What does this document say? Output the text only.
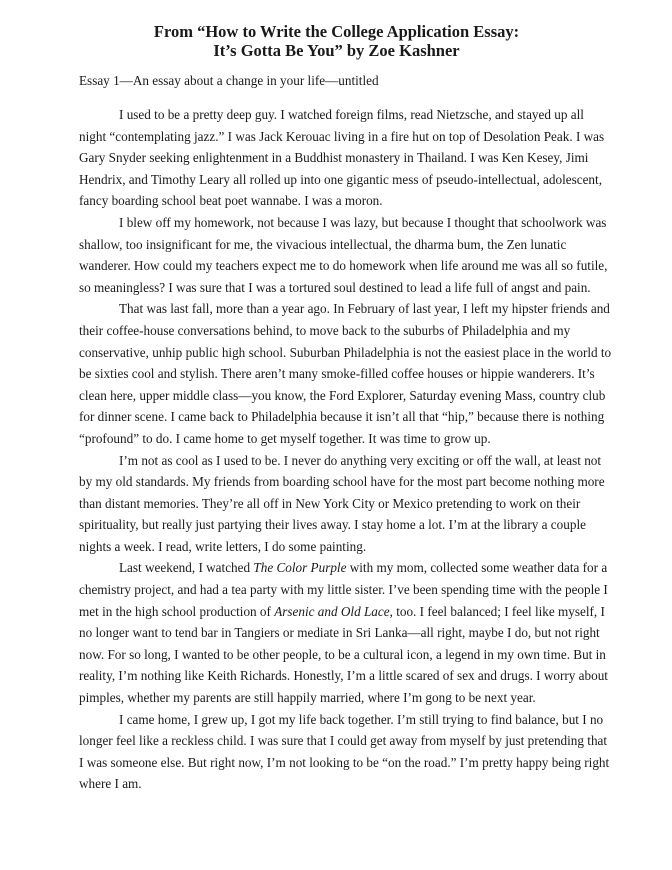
From “How to Write the College Application Essay:
It’s Gotta Be You” by Zoe Kashner
Essay 1—An essay about a change in your life—untitled

I used to be a pretty deep guy. I watched foreign films, read Nietzsche, and stayed up all night “contemplating jazz.” I was Jack Kerouac living in a fire hut on top of Desolation Peak. I was Gary Snyder seeking enlightenment in a Buddhist monastery in Thailand. I was Ken Kesey, Jimi Hendrix, and Timothy Leary all rolled up into one gigantic mess of pseudo-intellectual, adolescent, fancy boarding school beat poet wannabe. I was a moron.

I blew off my homework, not because I was lazy, but because I thought that schoolwork was shallow, too insignificant for me, the vivacious intellectual, the dharma bum, the Zen lunatic wanderer. How could my teachers expect me to do homework when life around me was all so futile, so meaningless? I was sure that I was a tortured soul destined to lead a life full of angst and pain.

That was last fall, more than a year ago. In February of last year, I left my hipster friends and their coffee-house conversations behind, to move back to the suburbs of Philadelphia and my conservative, unhip public high school. Suburban Philadelphia is not the easiest place in the world to be sixties cool and stylish. There aren’t many smoke-filled coffee houses or hippie wanderers. It’s clean here, upper middle class—you know, the Ford Explorer, Saturday evening Mass, country club for dinner scene. I came back to Philadelphia because it isn’t all that “hip,” because there is nothing “profound” to do. I came home to get myself together. It was time to grow up.

I’m not as cool as I used to be. I never do anything very exciting or off the wall, at least not by my old standards. My friends from boarding school have for the most part become nothing more than distant memories. They’re all off in New York City or Mexico pretending to work on their spirituality, but really just partying their lives away. I stay home a lot. I’m at the library a couple nights a week. I read, write letters, I do some painting.

Last weekend, I watched The Color Purple with my mom, collected some weather data for a chemistry project, and had a tea party with my little sister. I’ve been spending time with the people I met in the high school production of Arsenic and Old Lace, too. I feel balanced; I feel like myself, I no longer want to tend bar in Tangiers or mediate in Sri Lanka—all right, maybe I do, but not right now. For so long, I wanted to be other people, to be a cultural icon, a legend in my own time. But in reality, I’m nothing like Keith Richards. Honestly, I’m a little scared of sex and drugs. I worry about pimples, whether my parents are still happily married, where I’m gong to be next year.

I came home, I grew up, I got my life back together. I’m still trying to find balance, but I no longer feel like a reckless child. I was sure that I could get away from myself by just pretending that I was someone else. But right now, I’m not looking to be “on the road.” I’m pretty happy being right where I am.
